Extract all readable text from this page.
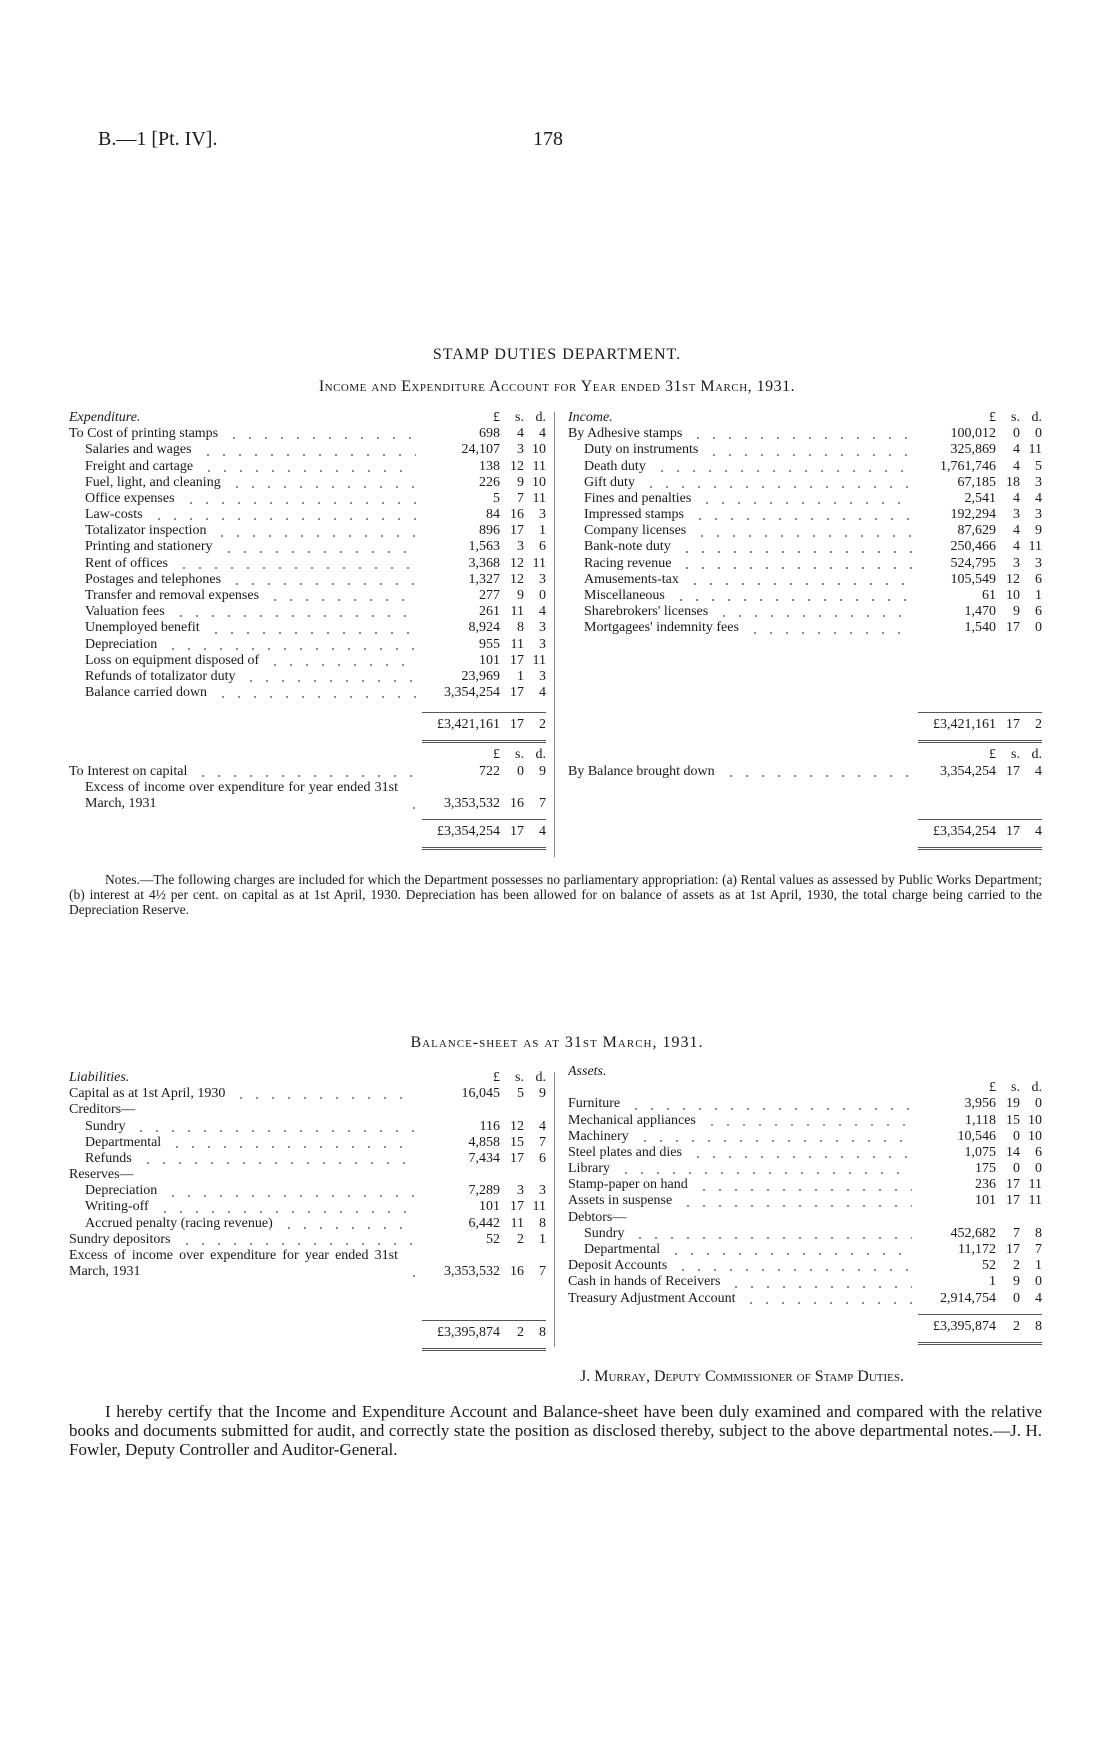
B.—1 [Pt. IV].	178
STAMP DUTIES DEPARTMENT.
Income and Expenditure Account for Year ended 31st March, 1931.
Expenditure.	£	s. d.
To Cost of printing stamps	698	4	4
Salaries and wages	24,107	3 10
Freight and cartage	138 12 11
Fuel, light, and cleaning	226	9 10
Office expenses	5	7 11
Law-costs	84 16	3
Totalizator inspection	896 17	1
Printing and stationery	1,563	3	6
Rent of offices	3,368 12 11
Postages and telephones	1,327 12	3
Transfer and removal expenses	277	9	0
Valuation fees	261 11	4
Unemployed benefit	8,924	8	3
Depreciation	955 11	3
Loss on equipment disposed of	101 17 11
Refunds of totalizator duty	23,969	1	3
Balance carried down	3,354,254 17	4
£3,421,161 17	2
£	s. d.
To Interest on capital	722	0	9
Excess of income over expenditure for year ended 31st March, 1931	3,353,532 16	7
£3,354,254 17	4
Income.	£	s. d.
By Adhesive stamps	100,012	0	0
Duty on instruments	325,869	4 11
Death duty	1,761,746	4	5
Gift duty	67,185 18	3
Fines and penalties	2,541	4	4
Impressed stamps	192,294	3	3
Company licenses	87,629	4	9
Bank-note duty	250,466	4 11
Racing revenue	524,795	3	3
Amusements-tax	105,549 12	6
Miscellaneous	61 10	1
Sharebrokers' licenses	1,470	9	6
Mortgagees' indemnity fees	1,540 17	0
£3,421,161 17	2
£	s. d.
By Balance brought down	3,354,254 17	4
£3,354,254 17	4
Notes.—The following charges are included for which the Department possesses no parliamentary appropriation: (a) Rental values as assessed by Public Works Department; (b) interest at 4½ per cent. on capital as at 1st April, 1930. Depreciation has been allowed for on balance of assets as at 1st April, 1930, the total charge being carried to the Depreciation Reserve.
Balance-sheet as at 31st March, 1931.
Liabilities.	£	s. d.
Capital as at 1st April, 1930	16,045	5	9
Creditors—
Sundry	116 12	4
Departmental	4,858 15	7
Refunds	7,434 17	6
Reserves—
Depreciation	7,289	3	3
Writing-off	101 17 11
Accrued penalty (racing revenue)	6,442 11	8
Sundry depositors	52	2	1
Excess of income over expenditure for year ended 31st March, 1931	3,353,532 16	7
£3,395,874	2	8
Assets.
£	s. d.
Furniture	3,956 19	0
Mechanical appliances	1,118 15 10
Machinery	10,546	0 10
Steel plates and dies	1,075 14	6
Library	175	0	0
Stamp-paper on hand	236 17 11
Assets in suspense	101 17 11
Debtors—
Sundry	452,682	7	8
Departmental	11,172 17	7
Deposit Accounts	52	2	1
Cash in hands of Receivers	1	9	0
Treasury Adjustment Account	2,914,754	0	4
£3,395,874	2	8
J. Murray, Deputy Commissioner of Stamp Duties.
I hereby certify that the Income and Expenditure Account and Balance-sheet have been duly examined and compared with the relative books and documents submitted for audit, and correctly state the position as disclosed thereby, subject to the above departmental notes.—J. H. Fowler, Deputy Controller and Auditor-General.
